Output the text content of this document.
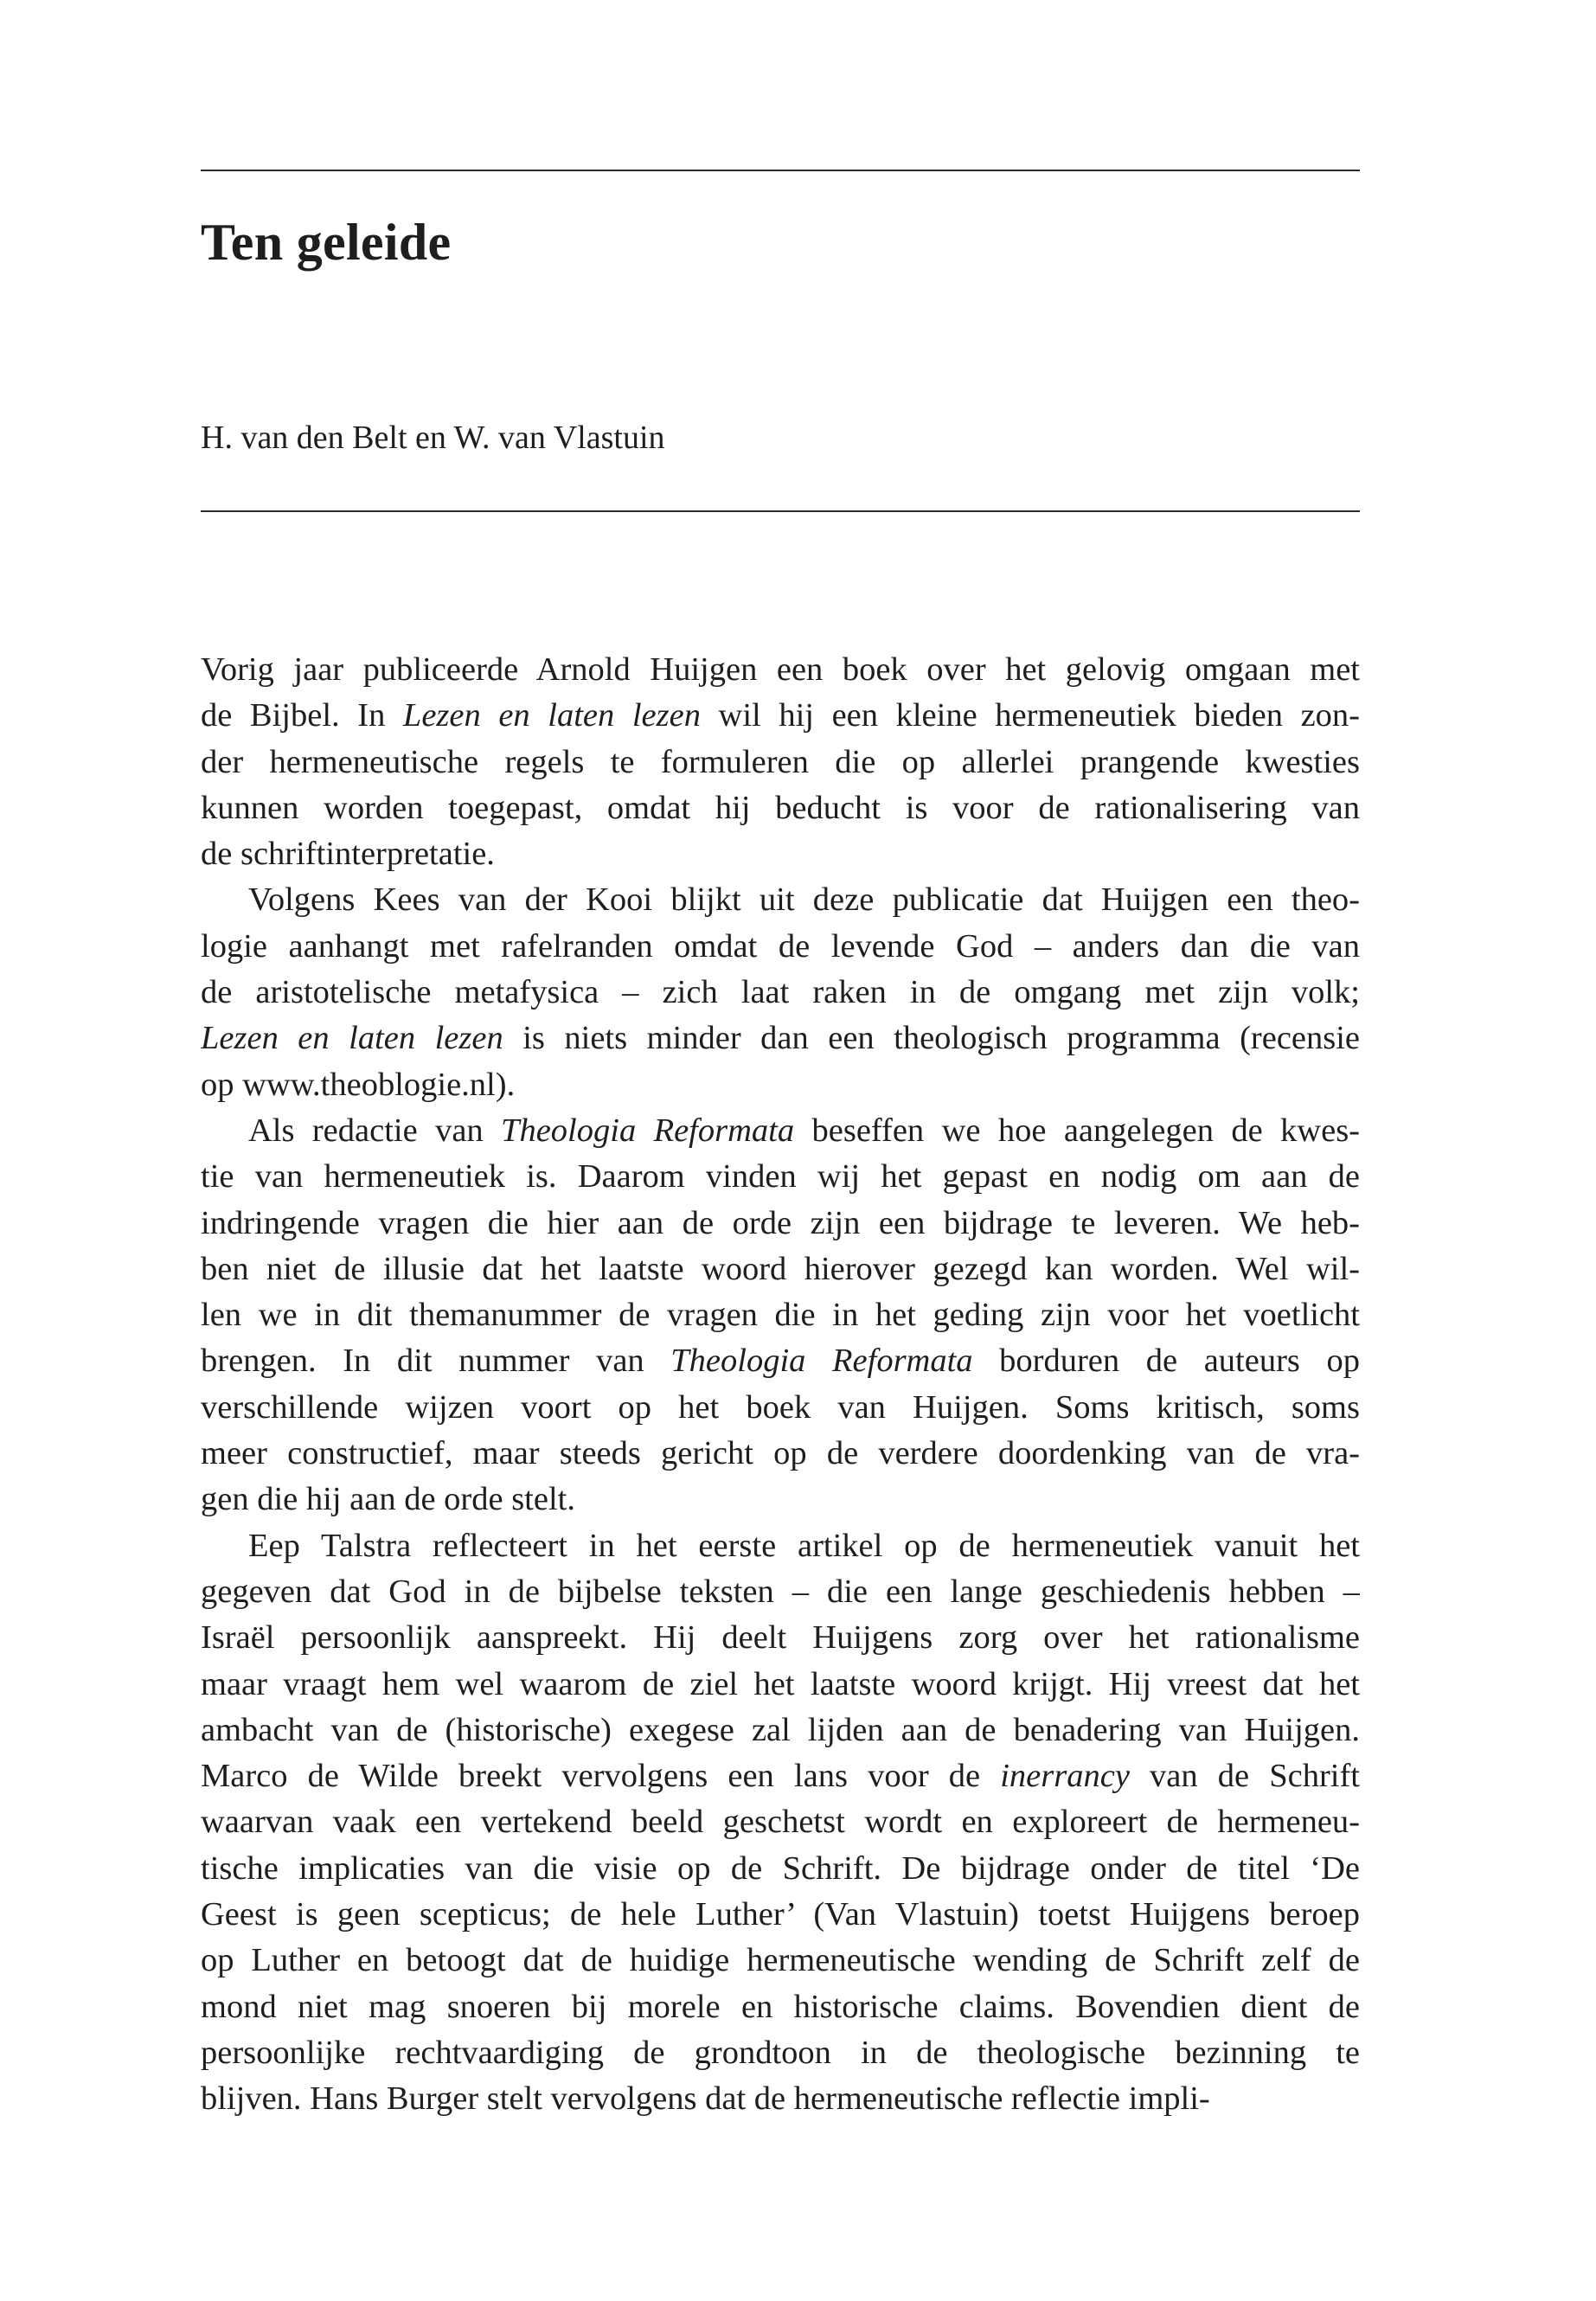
Ten geleide

H. van den Belt en W. van Vlastuin

Vorig jaar publiceerde Arnold Huijgen een boek over het gelovig omgaan met
de Bijbel. In Lezen en laten lezen wil hij een kleine hermeneutiek bieden zon-
der hermeneutische regels te formuleren die op allerlei prangende kwesties
kunnen worden toegepast, omdat hij beducht is voor de rationalisering van
de schriftinterpretatie.
Volgens Kees van der Kooi blijkt uit deze publicatie dat Huijgen een theo-
logie aanhangt met rafelranden omdat de levende God – anders dan die van
de aristotelische metafysica – zich laat raken in de omgang met zijn volk;
Lezen en laten lezen is niets minder dan een theologisch programma (recensie
op www.theoblogie.nl).
Als redactie van Theologia Reformata beseffen we hoe aangelegen de kwes-
tie van hermeneutiek is. Daarom vinden wij het gepast en nodig om aan de
indringende vragen die hier aan de orde zijn een bijdrage te leveren. We heb-
ben niet de illusie dat het laatste woord hierover gezegd kan worden. Wel wil-
len we in dit themanummer de vragen die in het geding zijn voor het voetlicht
brengen. In dit nummer van Theologia Reformata borduren de auteurs op
verschillende wijzen voort op het boek van Huijgen. Soms kritisch, soms
meer constructief, maar steeds gericht op de verdere doordenking van de vra-
gen die hij aan de orde stelt.
Eep Talstra reflecteert in het eerste artikel op de hermeneutiek vanuit het
gegeven dat God in de bijbelse teksten – die een lange geschiedenis hebben –
Israël persoonlijk aanspreekt. Hij deelt Huijgens zorg over het rationalisme
maar vraagt hem wel waarom de ziel het laatste woord krijgt. Hij vreest dat het
ambacht van de (historische) exegese zal lijden aan de benadering van Huijgen.
Marco de Wilde breekt vervolgens een lans voor de inerrancy van de Schrift
waarvan vaak een vertekend beeld geschetst wordt en exploreert de hermeneu-
tische implicaties van die visie op de Schrift. De bijdrage onder de titel ‘De
Geest is geen scepticus; de hele Luther’ (Van Vlastuin) toetst Huijgens beroep
op Luther en betoogt dat de huidige hermeneutische wending de Schrift zelf de
mond niet mag snoeren bij morele en historische claims. Bovendien dient de
persoonlijke rechtvaardiging de grondtoon in de theologische bezinning te
blijven. Hans Burger stelt vervolgens dat de hermeneutische reflectie impli-
